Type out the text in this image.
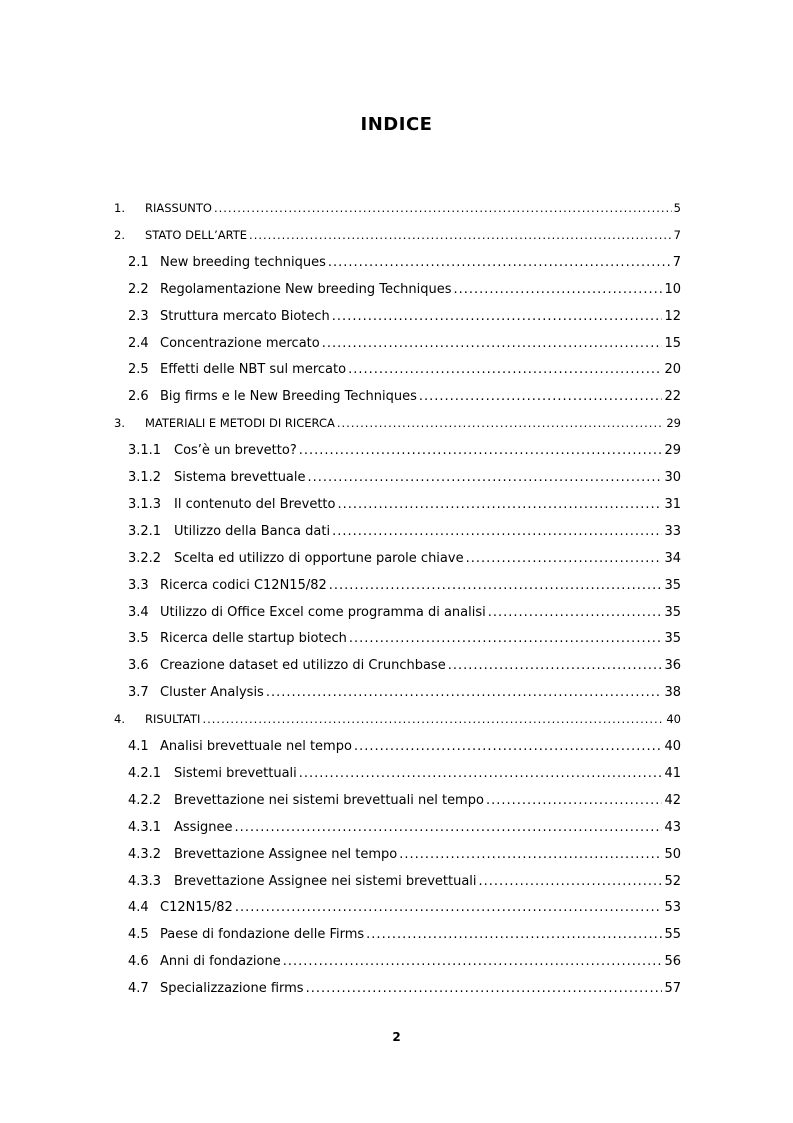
INDICE
1.	RIASSUNTO .....	5
2.	STATO DELL’ARTE .....	7
2.1 New breeding techniques .....	7
2.2 Regolamentazione New breeding Techniques .....	10
2.3 Struttura mercato Biotech .....	12
2.4 Concentrazione mercato .....	15
2.5 Effetti delle NBT sul mercato .....	20
2.6 Big firms e le New Breeding Techniques .....	22
3.	MATERIALI E METODI DI RICERCA .....	29
3.1.1 Cos’è un brevetto? .....	29
3.1.2 Sistema brevettuale .....	30
3.1.3 Il contenuto del Brevetto .....	31
3.2.1 Utilizzo della Banca dati .....	33
3.2.2 Scelta ed utilizzo di opportune parole chiave .....	34
3.3 Ricerca codici C12N15/82 .....	35
3.4 Utilizzo di Office Excel come programma di analisi .....	35
3.5 Ricerca delle startup biotech .....	35
3.6 Creazione dataset ed utilizzo di Crunchbase .....	36
3.7 Cluster Analysis .....	38
4.	RISULTATI .....	40
4.1 Analisi brevettuale nel tempo .....	40
4.2.1 Sistemi brevettuali .....	41
4.2.2 Brevettazione nei sistemi brevettuali nel tempo .....	42
4.3.1 Assignee .....	43
4.3.2 Brevettazione Assignee nel tempo .....	50
4.3.3 Brevettazione Assignee nei sistemi brevettuali .....	52
4.4 C12N15/82 .....	53
4.5 Paese di fondazione delle Firms .....	55
4.6 Anni di fondazione .....	56
4.7 Specializzazione firms .....	57
2
